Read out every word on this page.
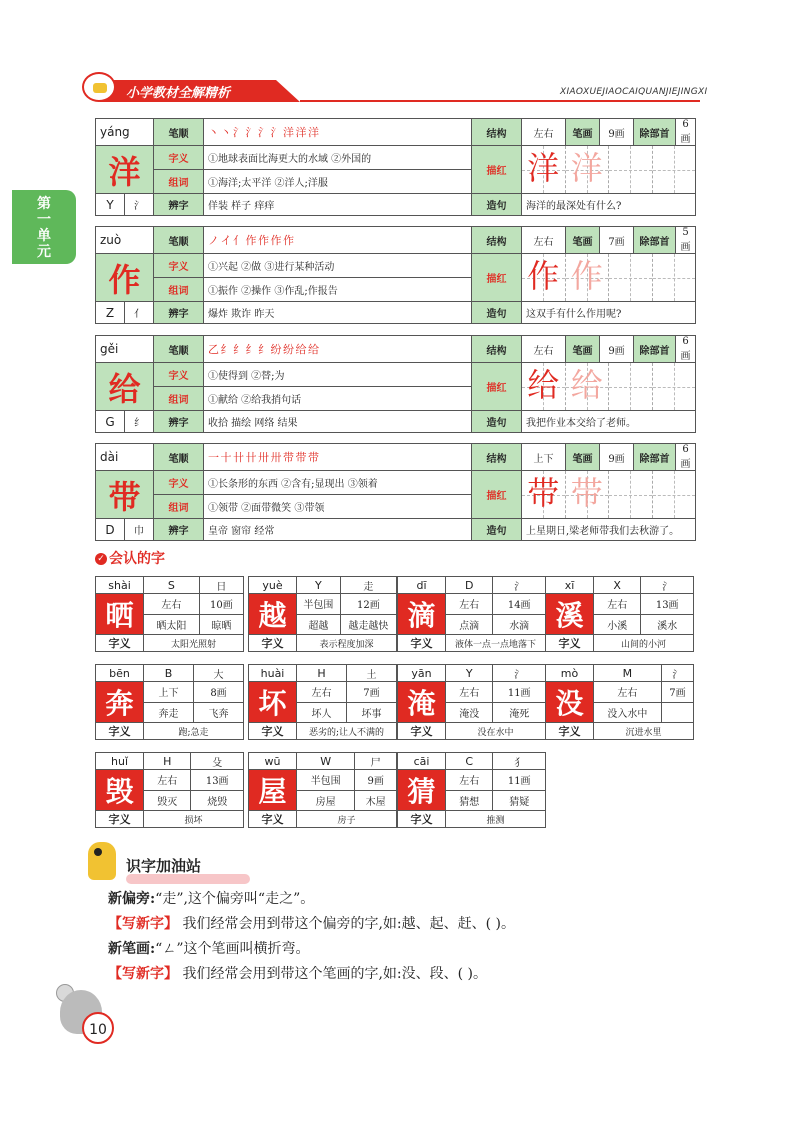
小学教材全解精析	XIAOXUEJIAOCAIQUANJIEJINGXI
第一单元
yáng		笔顺	丶 丶 氵 氵 氵 氵 洋 洋 洋	结构	左右	笔画	9画	除部首	6画
洋		字义	①地球表面比海更大的水域 ②外国的	描红	洋 洋				

		组词	①海洋;太平洋 ②洋人;洋服						
Y	氵	辨字	佯装 样子 痒痒	造句	海洋的最深处有什么?				
zuò		笔顺	ノ イ 亻 作 作 作 作	结构	左右	笔画	7画	除部首	5画
作		字义	①兴起 ②做 ③进行某种活动	描红	作 作				

		组词	①振作 ②操作 ③作乱;作报告						
Z	亻	辨字	爆炸 欺诈 昨天	造句	这双手有什么作用呢?				
gěi		笔顺	乙 纟 纟 纟 纟 纷 纷 给 给	结构	左右	笔画	9画	除部首	6画
给		字义	①使得到 ②替;为	描红	给 给				

		组词	①献给 ②给我捎句话						
G	纟	辨字	收拾 描绘 网络 结果	造句	我把作业本交给了老师。				
dài		笔顺	一 十 卄 卄 卅 卅 带 带 带	结构	上下	笔画	9画	除部首	6画
带		字义	①长条形的东西 ②含有;显现出 ③领着	描红	带 带				

		组词	①领带 ②面带微笑 ③带领						
D	巾	辨字	皇帝 窗帘 经常	造句	上星期日,梁老师带我们去秋游了。				
✓ 会认的字
shài	S	日
晒	左右	10画
	晒太阳	晾晒
字义	太阳光照射	
yuè	Y	走
越	半包围	12画
	超越	越走越快
字义	表示程度加深	
dī	D	氵
滴	左右	14画
	点滴	水滴
字义	液体一点一点地落下	
xī	X	氵
溪	左右	13画
	小溪	溪水
字义	山间的小河	
bēn	B	大
奔	上下	8画
	奔走	飞奔
字义	跑;急走	
huài	H	土
坏	左右	7画
	坏人	坏事
字义	恶劣的;让人不满的	
yān	Y	氵
淹	左右	11画
	淹没	淹死
字义	没在水中	
mò	M	氵
没	左右	7画
	没入水中	
字义	沉进水里	
huǐ	H	殳
毁	左右	13画
	毁灭	烧毁
字义	损坏	
wū	W	尸
屋	半包围	9画
	房屋	木屋
字义	房子	
cāi	C	犭
猜	左右	11画
	猜想	猜疑
字义	推测	
识字加油站
新偏旁:“走”,这个偏旁叫“走之”。
【写新字】 我们经常会用到带这个偏旁的字,如:越、起、赶、( )。
新笔画:“ㄥ”这个笔画叫横折弯。
【写新字】 我们经常会用到带这个笔画的字,如:没、段、( )。
10
